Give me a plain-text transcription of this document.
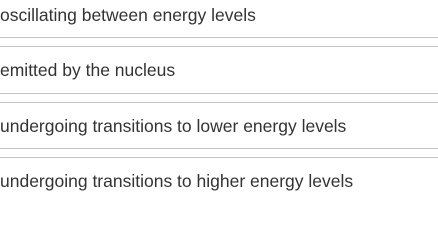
oscillating between energy levels
emitted by the nucleus
undergoing transitions to lower energy levels
undergoing transitions to higher energy levels
